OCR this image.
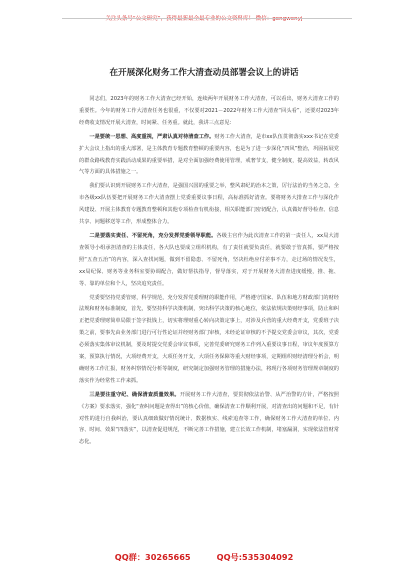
关注头条号“公文研究”，获得最新最全最专业的公文资料库！ 微信：gongwenyj
在开展深化财务工作大清查动员部署会议上的讲话

同志们，2023年的财务工作大清查已经开始，连续两年开展财务工作大清查，可以看出，财务大清查工作的重要性。今年的财务工作大清查任务也很重，不仅要对2021－2022年财务工作大清查“回头看”，还要对2023年经费收支情况开展大清查，时间紧、任务重。就此，我讲三点意见：

一是要统一思想、高度重视，严肃认真对待清查工作。财务工作大清查，是市xx队伍贯彻落实xxx书记在党委扩大会议上指出的重大部署，是主体教育专题教育整顿的重要内容，也是为了进一步深化“四风”整治，巩固拓展党的群众路线教育实践活动成果的重要举措，是对全面加强经费使用管理，戒奢节支，健全制度，提高效益，转改风气等方面的具体措施之一。

我们要认识到开展财务工作大清查，是强国兴国的重要之举，整风肃纪的治本之策，厉行法治的当务之急，全市各级xx队伍要把开展财务工作大清查摆上党委重要议事日程，高标准抓好清查。要将财务大排查工作与深化作风建设、开展主体教育专题教育整顿和其他专项检查有机衔接，相关职能部门密切配合，认真做好督导检查、信息共享、问题移送等工作，形成整体合力。

二是要落实责任、不留死角，充分发挥党委领导职能。各级主官作为此次清查工作的第一责任人，xx局大清查领导小组承担清查的主体责任，各大队也要成立组织机构，有了责任就要负责任，就要敢于管真抓，要严格按照“五查五治”的内容，深入查找问题，做到不留隐患、不留死角，坚决杜绝应付差事不力，走过场的情况发生，xx局纪保、财务等业务科室要协调配合，做好帮扶指导，督导落实，对于开展财务大清查进度缓慢，推、拖、等、靠的单位和个人，坚决追究责任。

党委要坚持党委管财，科学规范，充分发挥党委理财的职能作用，严格遵守国家、队伍和地方财政部门的财经法规和财务标准制度，首先，要坚持科学决策机制，突出科学决策的核心地位，依法依规决策财经事项，防止和纠正把党委理财简单局限于签字批钱上，切实将理财重心转向决策定事上，对涉及兵营的重大经费开支，党委班子决策之前，要事先由业务部门进行可行性论证并经财务部门审核，未经论证审核的不予提交党委会审议，其次，党委必须落实集体审议机制，要及时提交党委会审议事项，完善党委研究财务工作列入重要议事日程，审议年度预算方案，预算执行情况，大项经费开支，大项任务开支，大项任务保障等重大财经事项，定期组织财经清理分析会，明确财务工作汇报，财务纠察情况分析等制度，研究制定加强财务管理的措施办法，将现行各项财务管理规章制度的落实作为经常性工作来抓。

三是要注重守纪、确保清查质量效果。开展财务工作大清查，要贯彻依法治警、从严治警的方针，严格按照《方案》要求落实，强化“查纠问题是查得出”的核心价值，确保清查工作顺利开展，对清查出的问题和不足，有针对性的进行自我纠治，要认真细致做好情况统计、数据核实、线索追查等工作，确保财务工作大清查的单位、内容、时间、效果“四落实”，以清查促进规范，不断完善工作措施，建立长效工作机制，堵塞漏洞，实现依法管财常态化。

QQ群：30265665	QQ号:535304092
